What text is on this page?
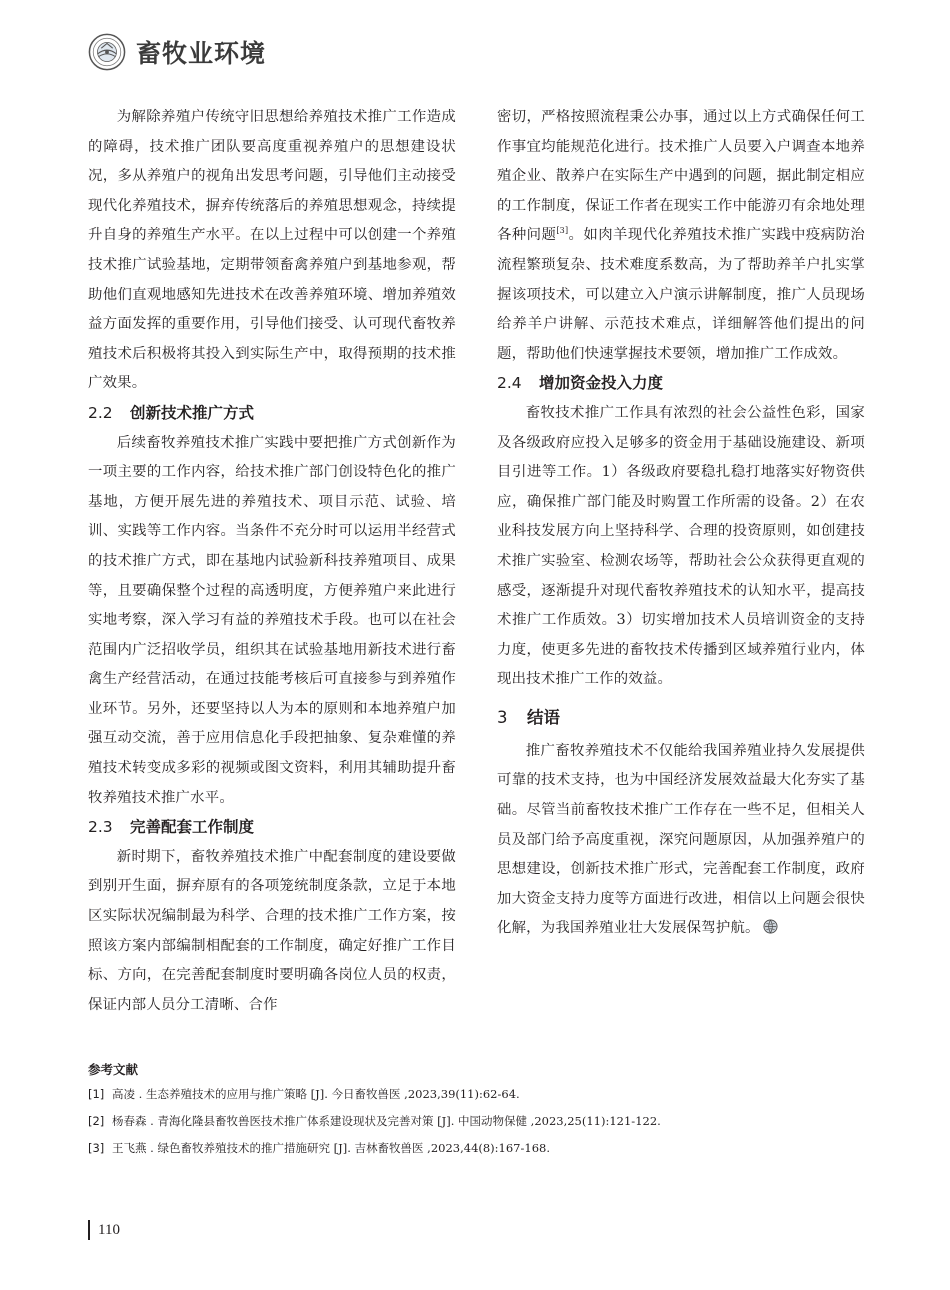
畜牧业环境

为解除养殖户传统守旧思想给养殖技术推广工作造成的障碍，技术推广团队要高度重视养殖户的思想建设状况，多从养殖户的视角出发思考问题，引导他们主动接受现代化养殖技术，摒弃传统落后的养殖思想观念，持续提升自身的养殖生产水平。在以上过程中可以创建一个养殖技术推广试验基地，定期带领畜禽养殖户到基地参观，帮助他们直观地感知先进技术在改善养殖环境、增加养殖效益方面发挥的重要作用，引导他们接受、认可现代畜牧养殖技术后积极将其投入到实际生产中，取得预期的技术推广效果。

2.2 创新技术推广方式

后续畜牧养殖技术推广实践中要把推广方式创新作为一项主要的工作内容，给技术推广部门创设特色化的推广基地，方便开展先进的养殖技术、项目示范、试验、培训、实践等工作内容。当条件不充分时可以运用半经营式的技术推广方式，即在基地内试验新科技养殖项目、成果等，且要确保整个过程的高透明度，方便养殖户来此进行实地考察，深入学习有益的养殖技术手段。也可以在社会范围内广泛招收学员，组织其在试验基地用新技术进行畜禽生产经营活动，在通过技能考核后可直接参与到养殖作业环节。另外，还要坚持以人为本的原则和本地养殖户加强互动交流，善于应用信息化手段把抽象、复杂难懂的养殖技术转变成多彩的视频或图文资料，利用其辅助提升畜牧养殖技术推广水平。

2.3 完善配套工作制度

新时期下，畜牧养殖技术推广中配套制度的建设要做到别开生面，摒弃原有的各项笼统制度条款，立足于本地区实际状况编制最为科学、合理的技术推广工作方案，按照该方案内部编制相配套的工作制度，确定好推广工作目标、方向，在完善配套制度时要明确各岗位人员的权责，保证内部人员分工清晰、合作

密切，严格按照流程秉公办事，通过以上方式确保任何工作事宜均能规范化进行。技术推广人员要入户调查本地养殖企业、散养户在实际生产中遇到的问题，据此制定相应的工作制度，保证工作者在现实工作中能游刃有余地处理各种问题[3]。如肉羊现代化养殖技术推广实践中疫病防治流程繁琐复杂、技术难度系数高，为了帮助养羊户扎实掌握该项技术，可以建立入户演示讲解制度，推广人员现场给养羊户讲解、示范技术难点，详细解答他们提出的问题，帮助他们快速掌握技术要领，增加推广工作成效。

2.4 增加资金投入力度

畜牧技术推广工作具有浓烈的社会公益性色彩，国家及各级政府应投入足够多的资金用于基础设施建设、新项目引进等工作。1）各级政府要稳扎稳打地落实好物资供应，确保推广部门能及时购置工作所需的设备。2）在农业科技发展方向上坚持科学、合理的投资原则，如创建技术推广实验室、检测农场等，帮助社会公众获得更直观的感受，逐渐提升对现代畜牧养殖技术的认知水平，提高技术推广工作质效。3）切实增加技术人员培训资金的支持力度，使更多先进的畜牧技术传播到区域养殖行业内，体现出技术推广工作的效益。

3 结语

推广畜牧养殖技术不仅能给我国养殖业持久发展提供可靠的技术支持，也为中国经济发展效益最大化夯实了基础。尽管当前畜牧技术推广工作存在一些不足，但相关人员及部门给予高度重视，深究问题原因，从加强养殖户的思想建设，创新技术推广形式，完善配套工作制度，政府加大资金支持力度等方面进行改进，相信以上问题会很快化解，为我国养殖业壮大发展保驾护航。

参考文献
[1] 高凌 . 生态养殖技术的应用与推广策略 [J]. 今日畜牧兽医 ,2023,39(11):62-64.
[2] 杨春森 . 青海化隆县畜牧兽医技术推广体系建设现状及完善对策 [J]. 中国动物保健 ,2023,25(11):121-122.
[3] 王飞燕 . 绿色畜牧养殖技术的推广措施研究 [J]. 吉林畜牧兽医 ,2023,44(8):167-168.
110
